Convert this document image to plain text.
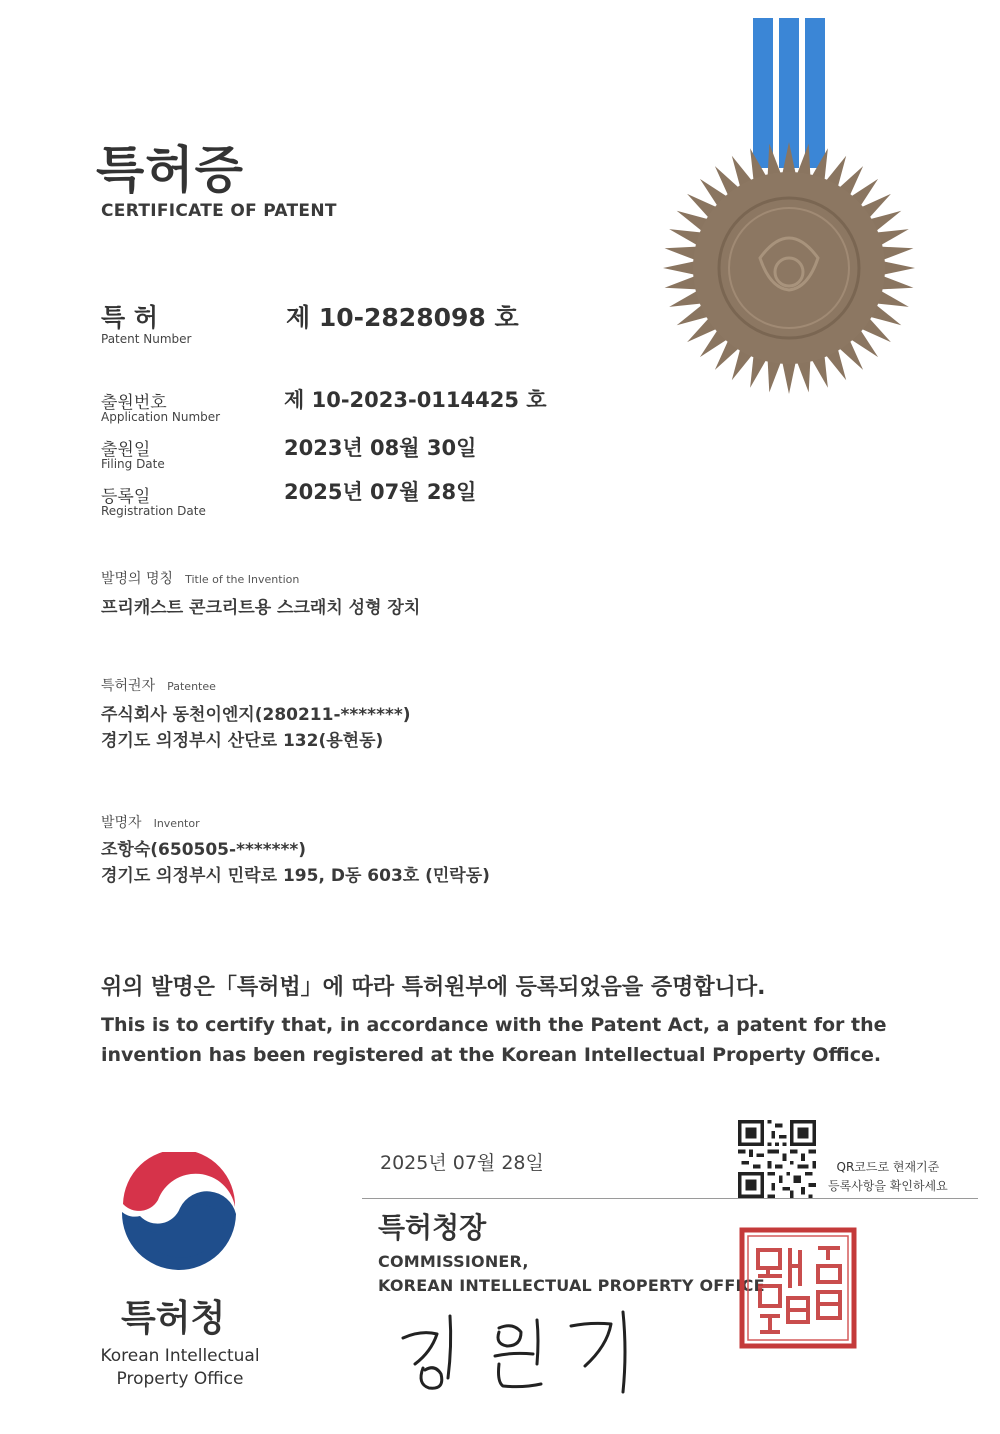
특허증
CERTIFICATE OF PATENT
특 허
Patent Number
제 10-2828098 호
출원번호
Application Number
제 10-2023-0114425 호
출원일
Filing Date
2023년 08월 30일
등록일
Registration Date
2025년 07월 28일
발명의 명칭 Title of the Invention
프리캐스트 콘크리트용 스크래치 성형 장치
특허권자 Patentee
주식회사 동천이엔지(280211-*******)
경기도 의정부시 산단로 132(용현동)
발명자 Inventor
조항숙(650505-*******)
경기도 의정부시 민락로 195, D동 603호 (민락동)
위의 발명은「특허법」에 따라 특허원부에 등록되었음을 증명합니다.
This is to certify that, in accordance with the Patent Act, a patent for the
invention has been registered at the Korean Intellectual Property Office.
QR코드로 현재기준
등록사항을 확인하세요
2025년 07월 28일
특허청장
COMMISSIONER,
KOREAN INTELLECTUAL PROPERTY OFFICE
특허청
Korean Intellectual
Property Office
